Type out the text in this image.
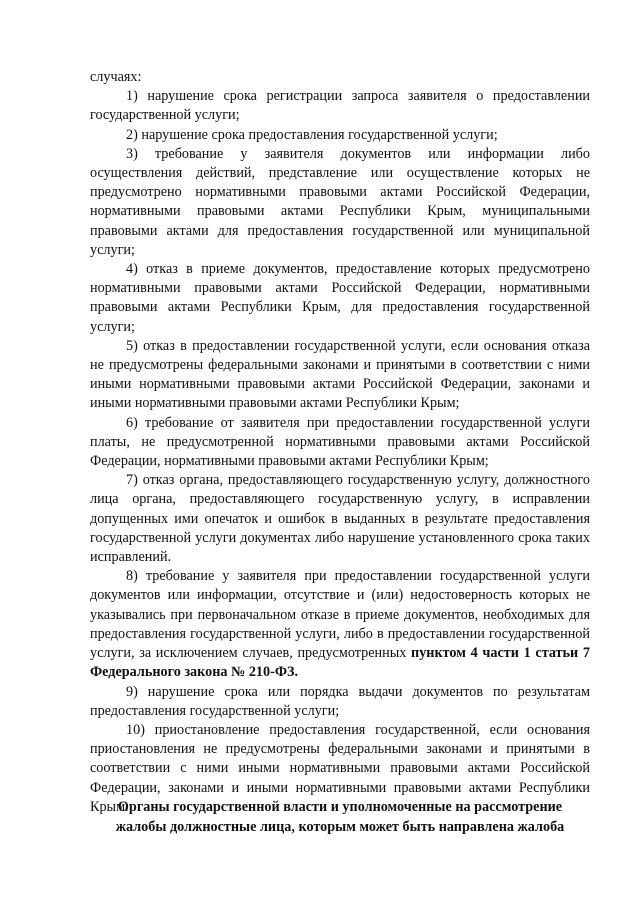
случаях:

1) нарушение срока регистрации запроса заявителя о предоставлении государственной услуги;

2) нарушение срока предоставления государственной услуги;

3) требование у заявителя документов или информации либо осуществления действий, представление или осуществление которых не предусмотрено нормативными правовыми актами Российской Федерации, нормативными правовыми актами Республики Крым, муниципальными правовыми актами для предоставления государственной или муниципальной услуги;

4) отказ в приеме документов, предоставление которых предусмотрено нормативными правовыми актами Российской Федерации, нормативными правовыми актами Республики Крым, для предоставления государственной услуги;

5) отказ в предоставлении государственной услуги, если основания отказа не предусмотрены федеральными законами и принятыми в соответствии с ними иными нормативными правовыми актами Российской Федерации, законами и иными нормативными правовыми актами Республики Крым;

6) требование от заявителя при предоставлении государственной услуги платы, не предусмотренной нормативными правовыми актами Российской Федерации, нормативными правовыми актами Республики Крым;

7) отказ органа, предоставляющего государственную услугу, должностного лица органа, предоставляющего государственную услугу, в исправлении допущенных ими опечаток и ошибок в выданных в результате предоставления государственной услуги документах либо нарушение установленного срока таких исправлений.

8) требование у заявителя при предоставлении государственной услуги документов или информации, отсутствие и (или) недостоверность которых не указывались при первоначальном отказе в приеме документов, необходимых для предоставления государственной услуги, либо в предоставлении государственной услуги, за исключением случаев, предусмотренных пунктом 4 части 1 статьи 7 Федерального закона № 210-ФЗ.

9) нарушение срока или порядка выдачи документов по результатам предоставления государственной услуги;

10) приостановление предоставления государственной, если основания приостановления не предусмотрены федеральными законами и принятыми в соответствии с ними иными нормативными правовыми актами Российской Федерации, законами и иными нормативными правовыми актами Республики Крым.

Органы государственной власти и уполномоченные на рассмотрение
жалобы должностные лица, которым может быть направлена жалоба
